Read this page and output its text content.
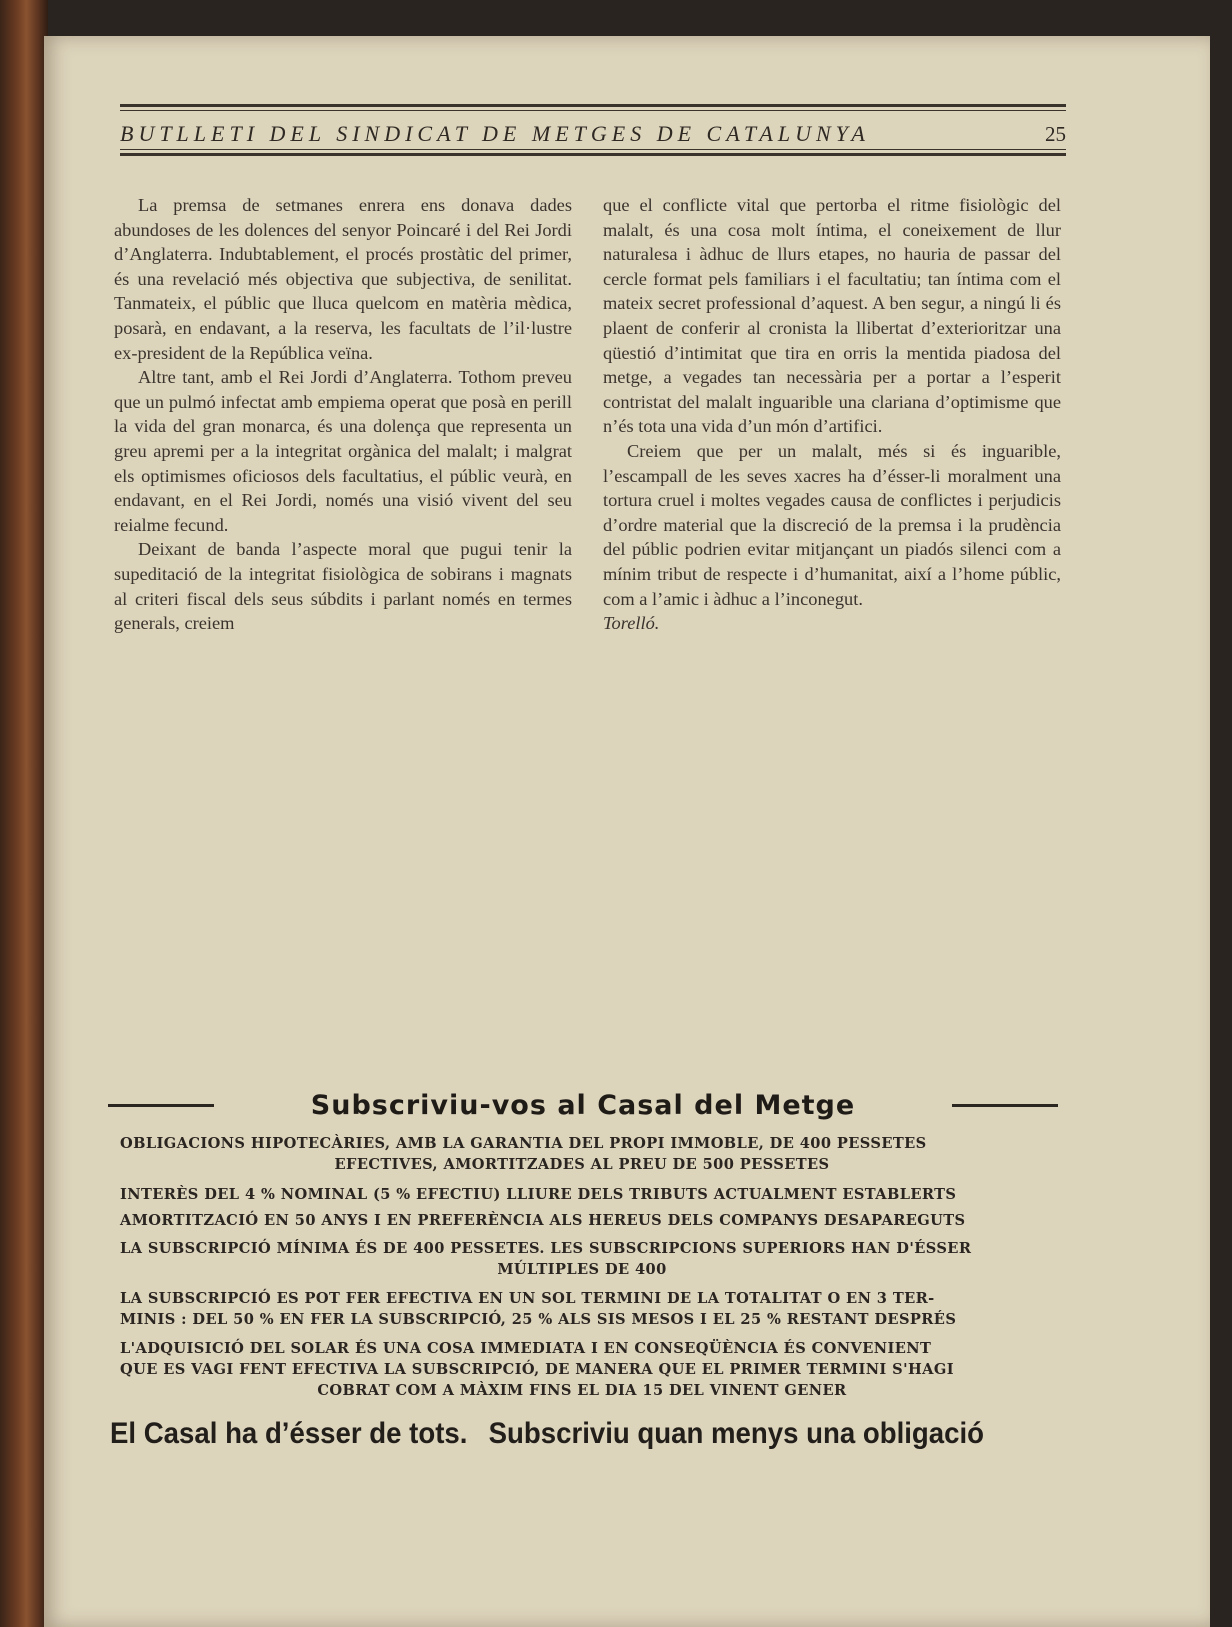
BUTLLETI DEL SINDICAT DE METGES DE CATALUNYA	25

La premsa de setmanes enrera ens donava dades abundoses de les dolences del senyor Poincaré i del Rei Jordi d’Anglaterra. Indubtablement, el procés prostàtic del primer, és una revelació més objectiva que subjectiva, de senilitat. Tanmateix, el públic que lluca quelcom en matèria mèdica, posarà, en endavant, a la reserva, les facultats de l’il·lustre ex-president de la República veïna.

Altre tant, amb el Rei Jordi d’Anglaterra. Tothom preveu que un pulmó infectat amb empiema operat que posà en perill la vida del gran monarca, és una dolença que representa un greu apremi per a la integritat orgànica del malalt; i malgrat els optimismes oficiosos dels facultatius, el públic veurà, en endavant, en el Rei Jordi, només una visió vivent del seu reialme fecund.

Deixant de banda l’aspecte moral que pugui tenir la supeditació de la integritat fisiològica de sobirans i magnats al criteri fiscal dels seus súbdits i parlant només en termes generals, creiem

que el conflicte vital que pertorba el ritme fisiològic del malalt, és una cosa molt íntima, el coneixement de llur naturalesa i àdhuc de llurs etapes, no hauria de passar del cercle format pels familiars i el facultatiu; tan íntima com el mateix secret professional d’aquest. A ben segur, a ningú li és plaent de conferir al cronista la llibertat d’exterioritzar una qüestió d’intimitat que tira en orris la mentida piadosa del metge, a vegades tan necessària per a portar a l’esperit contristat del malalt inguarible una clariana d’optimisme que n’és tota una vida d’un món d’artifici.

Creiem que per un malalt, més si és inguarible, l’escampall de les seves xacres ha d’ésser-li moralment una tortura cruel i moltes vegades causa de conflictes i perjudicis d’ordre material que la discreció de la premsa i la prudència del públic podrien evitar mitjançant un piadós silenci com a mínim tribut de respecte i d’humanitat, així a l’home públic, com a l’amic i àdhuc a l’inconegut.

Torelló.

Subscriviu-vos al Casal del Metge
OBLIGACIONS HIPOTECÀRIES, AMB LA GARANTIA DEL PROPI IMMOBLE, DE 400 PESSETES
EFECTIVES, AMORTITZADES AL PREU DE 500 PESSETES
INTERÈS DEL 4 % NOMINAL (5 % EFECTIU) LLIURE DELS TRIBUTS ACTUALMENT ESTABLERTS
AMORTITZACIÓ EN 50 ANYS I EN PREFERÈNCIA ALS HEREUS DELS COMPANYS DESAPAREGUTS
LA SUBSCRIPCIÓ MÍNIMA ÉS DE 400 PESSETES. LES SUBSCRIPCIONS SUPERIORS HAN D'ÉSSER
MÚLTIPLES DE 400
LA SUBSCRIPCIÓ ES POT FER EFECTIVA EN UN SOL TERMINI DE LA TOTALITAT O EN 3 TER-
MINIS : DEL 50 % EN FER LA SUBSCRIPCIÓ, 25 % ALS SIS MESOS I EL 25 % RESTANT DESPRÉS
L'ADQUISICIÓ DEL SOLAR ÉS UNA COSA IMMEDIATA I EN CONSEQÜÈNCIA ÉS CONVENIENT
QUE ES VAGI FENT EFECTIVA LA SUBSCRIPCIÓ, DE MANERA QUE EL PRIMER TERMINI S'HAGI
COBRAT COM A MÀXIM FINS EL DIA 15 DEL VINENT GENER
El Casal ha d’ésser de tots. Subscriviu quan menys una obligació
